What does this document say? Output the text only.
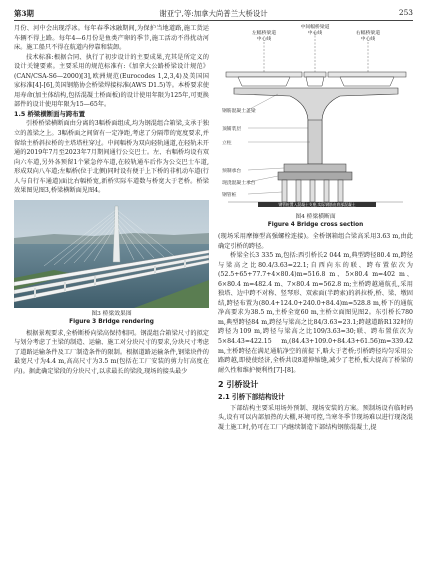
第3期	谢亚宁,等:加拿大尚普兰大桥设计	253

月份、河中会出现浮冰。每年春季冰融期间,为保护当地道路,施工货运车辆不得上路。每年4—6月份是鱼类产卵的季节,施工活动不得扰动河床。施工船只不得在航道内停靠和装卸。

技术标准:根据合同、执行了初步设计的主要成果,充其是所定义的设计关键要素。主要采用的规范标准有:《加拿大公路桥梁设计规范》(CAN/CSA-S6—2000)[3],欧洲规范(Eurocodes 1,2,3,4)及美国国家标准[4]-[6],美国钢筋协会桥梁焊接标准(AWS D1.5)等。本桥要求使用寿命(加主体结构,包括混凝土桥面板)的设计使用年限为125年,可更换部件的设计使用年限为15—65年。

1.5 桥梁横断面与跨布置

引桥桥梁横断面由分离的3幅桥面组成,均为钢混组合箱梁,支承于独立的盖梁之上。3幅桥面之间留有一定净距,考虑了分隔带的宽度要求,并留给主桥斜拉桥的主塔塔柱穿过。中间幅桥为双向轻轨通道,在轻轨未开通的2019年7月至2023年7月期间通行公交巴士。左、右幅桥均设有双向六车道,另外各预留1个紧急停车道,在较轨通车后作为公交巴士车道,形成双向八车道;左幅桥(位于北侧)同时设有便于上下桥的非机动车道(行人与自行车通道)面比右幅桥宽,新桥实际车道数与桥宽大于老桥。桥梁效果图见图3,桥梁横断面见图4。

图3 桥梁效果图

Figure 3 Bridge rendering

根据景观要求,全桥断桥向梁高保持相同。钢混组合箱梁尺寸的拟定与划分考虑了主梁的制造、运输、施工对分块尺寸的要求,分块尺寸考虑了道路运输条件及工厂制造条件的限制。根据道路运输条件,钢梁块件的最宽尺寸为4.4 m,高高尺寸为3.5 m(包括在工厂安装的剪力钉高度在内)。据此确定梁段的分块尺寸,以求最长的梁段,现场的接头最少

左幅桥梁道
中心线
中间幅桥梁道
中心线	右幅桥梁道
中心线
钢管桩置入混凝土支座,实际钢筋由底部混凝土
钢筋混凝土盖梁
顶铺装层
立柱
预制承台
现浇混凝土承台
钢管桩

图4 桥梁横断面

Figure 4 Bridge cross section

(现场采用摩擦型高强螺栓连接)。全桥钢箱组合梁高采用3.63 m,由此确定引桥的跨径。

桥梁全长3 335 m,包括:西引桥长2 044 m,典型跨径80.4 m,跨径与梁高之比80.4/3.63=22.1;自西向东的联、跨布置依次为(52.5+65+77.7+4×80.4)m=516.8 m、5×80.4 m=402 m、6×80.4 m=482.4 m、7×80.4 m=562.8 m;主桥跨越通航孔,采用独塔、边中跨不对称、竖琴形、双索面(半跨索)的斜拉桥,桥、梁、墩固结,跨径布置为(80.4+124.0+240.0+84.4)m=528.8 m,桥下的通航净高要求为38.5 m,主桥全宽60 m,主桥立面图见图2。东引桥长780 m,典型跨径84 m,跨径与梁高之比84/3.63=23.1;跨越道路R132时的跨径为109 m,跨径与梁高之比109/3.63=30;联、跨布置依次为5×84.43=422.15 m,(84.43+109.0+84.43+61.56)m=339.42 m,主桥跨径在满足通航净空的前提下,略大于老桥;引桥跨径均匀采用公路跨越,即使使经济,全桥共设8道伸缩缝,减少了老桥,板大提高了桥梁的耐久性和维护便利性[7]-[8]。

2 引桥设计

2.1 引桥下部结构设计

下部结构主要采用场外预制、现场安装的方案。预制场设有临时码头,设有可以内部加热的大棚,环境可控,当寒冬季节现场难以进行现浇混凝土施工时,仍可在工厂内继续制造下部结构钢筋混凝土,提
